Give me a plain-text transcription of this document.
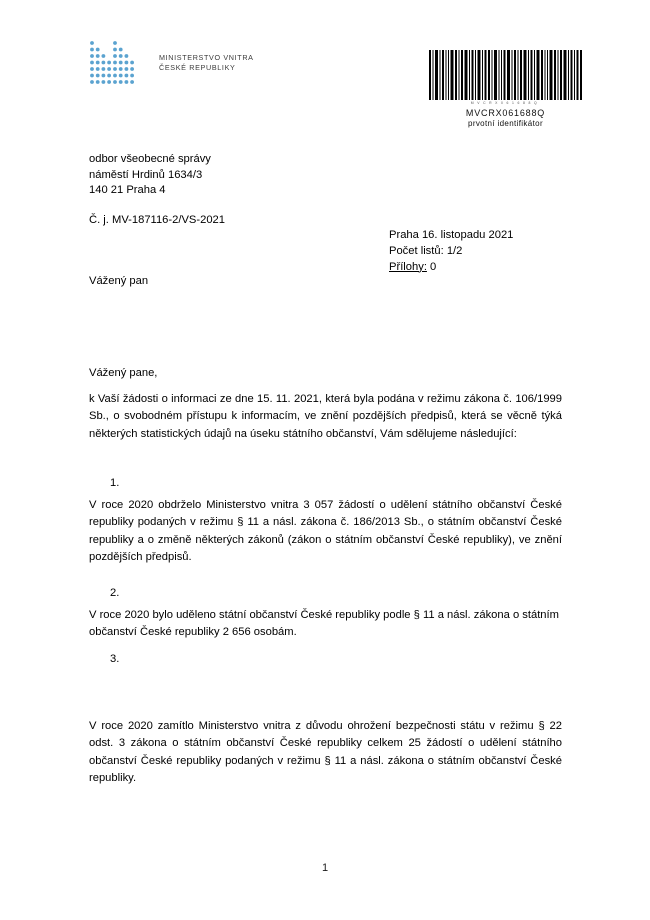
MINISTERSTVO VNITRA
ČESKÉ REPUBLIKY
MVCRX061688Q
MVCRX061688Q
prvotní identifikátor
odbor všeobecné správy
náměstí Hrdinů 1634/3
140 21 Praha 4
Č. j. MV-187116-2/VS-2021
Praha 16. listopadu 2021
Počet listů: 1/2
Přílohy: 0
Vážený pan
Vážený pane,
k Vaší žádosti o informaci ze dne 15. 11. 2021, která byla podána v režimu zákona č. 106/1999 Sb., o svobodném přístupu k informacím, ve znění pozdějších předpisů, která se věcně týká některých statistických údajů na úseku státního občanství, Vám sdělujeme následující:
1.
V roce 2020 obdrželo Ministerstvo vnitra 3 057 žádostí o udělení státního občanství České republiky podaných v režimu § 11 a násl. zákona č. 186/2013 Sb., o státním občanství České republiky a o změně některých zákonů (zákon o státním občanství České republiky), ve znění pozdějších předpisů.
2.
V roce 2020 bylo uděleno státní občanství České republiky podle § 11 a násl. zákona o státním občanství České republiky 2 656 osobám.
3.
V roce 2020 zamítlo Ministerstvo vnitra z důvodu ohrožení bezpečnosti státu v režimu § 22 odst. 3 zákona o státním občanství České republiky celkem 25 žádostí o udělení státního občanství České republiky podaných v režimu § 11 a násl. zákona o státním občanství České republiky.
1
